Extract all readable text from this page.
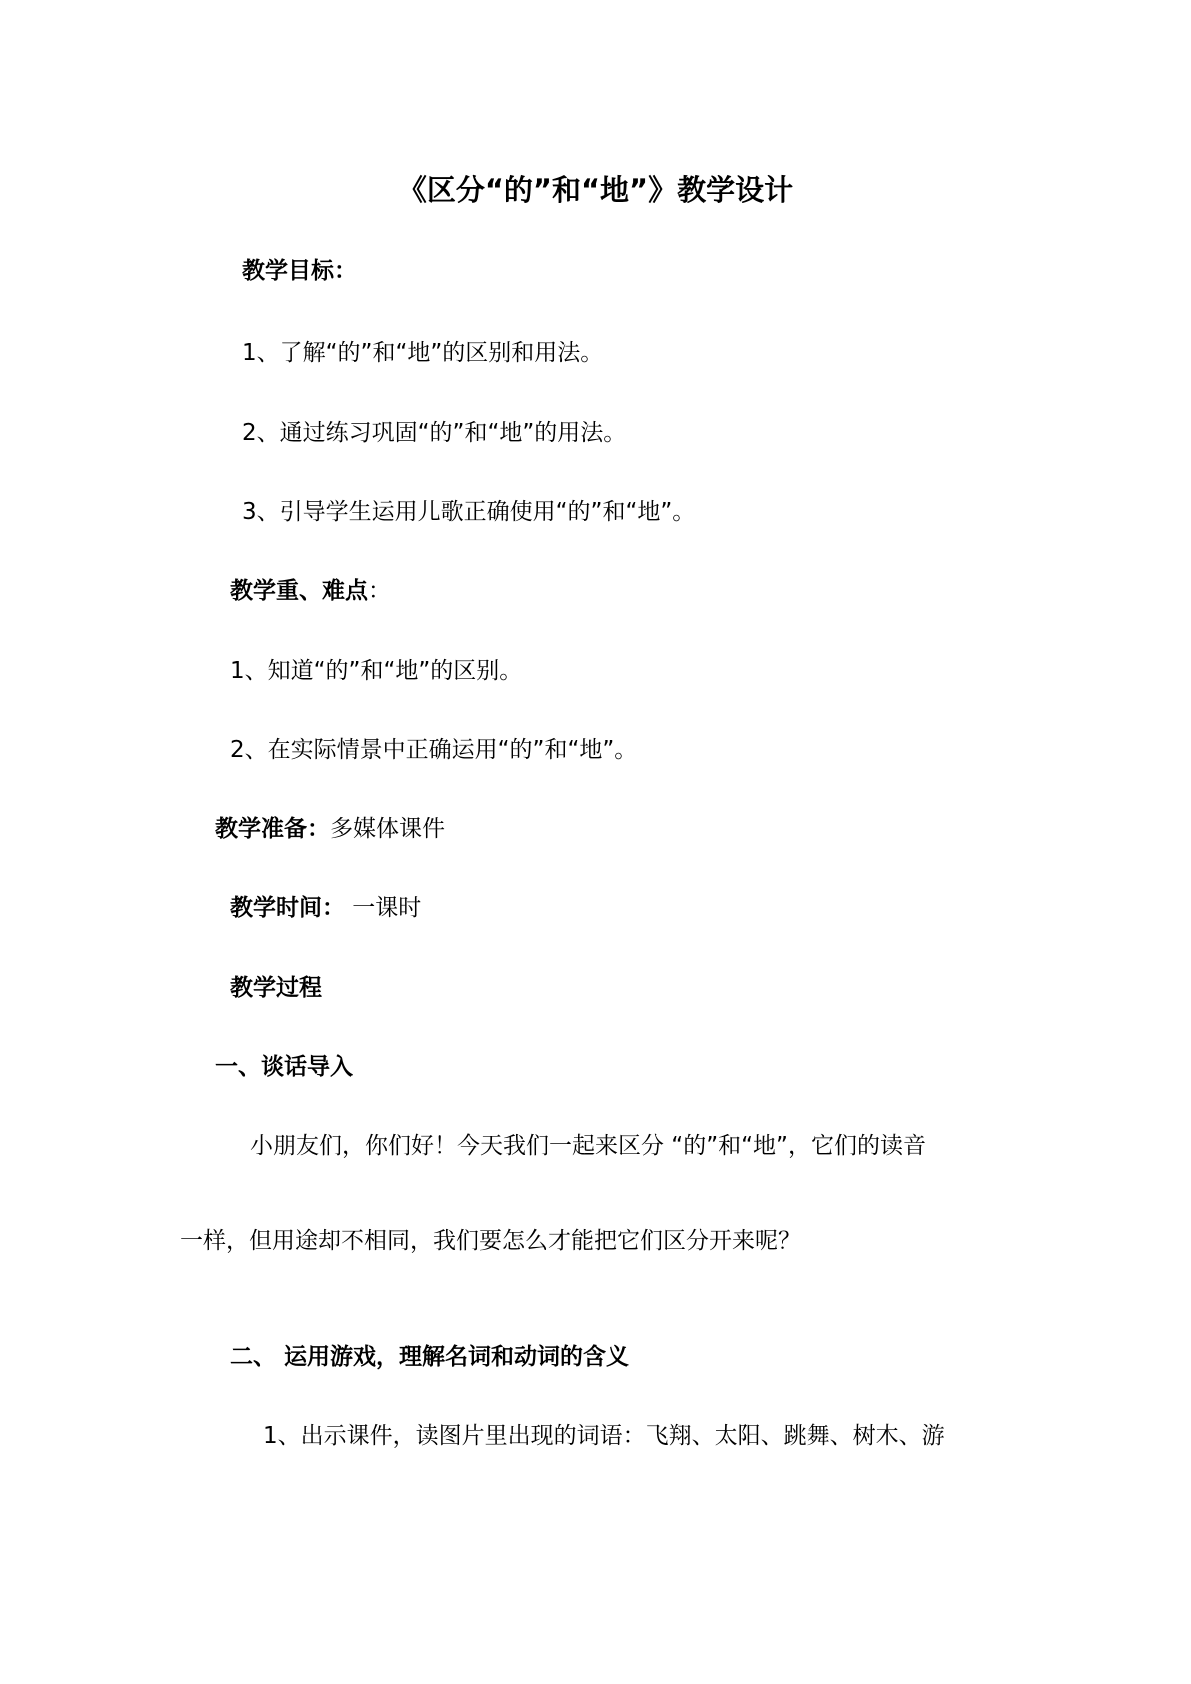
《区分“的”和“地”》教学设计
教学目标：
1、了解“的”和“地”的区别和用法。
2、通过练习巩固“的”和“地”的用法。
3、引导学生运用儿歌正确使用“的”和“地”。
教学重、难点：
1、知道“的”和“地”的区别。
2、在实际情景中正确运用“的”和“地”。
教学准备：多媒体课件
教学时间： 一课时
教学过程
一、谈话导入
小朋友们，你们好！今天我们一起来区分 “的”和“地”，它们的读音
一样，但用途却不相同，我们要怎么才能把它们区分开来呢？
二、 运用游戏，理解名词和动词的含义
1、出示课件，读图片里出现的词语：飞翔、太阳、跳舞、树木、游
